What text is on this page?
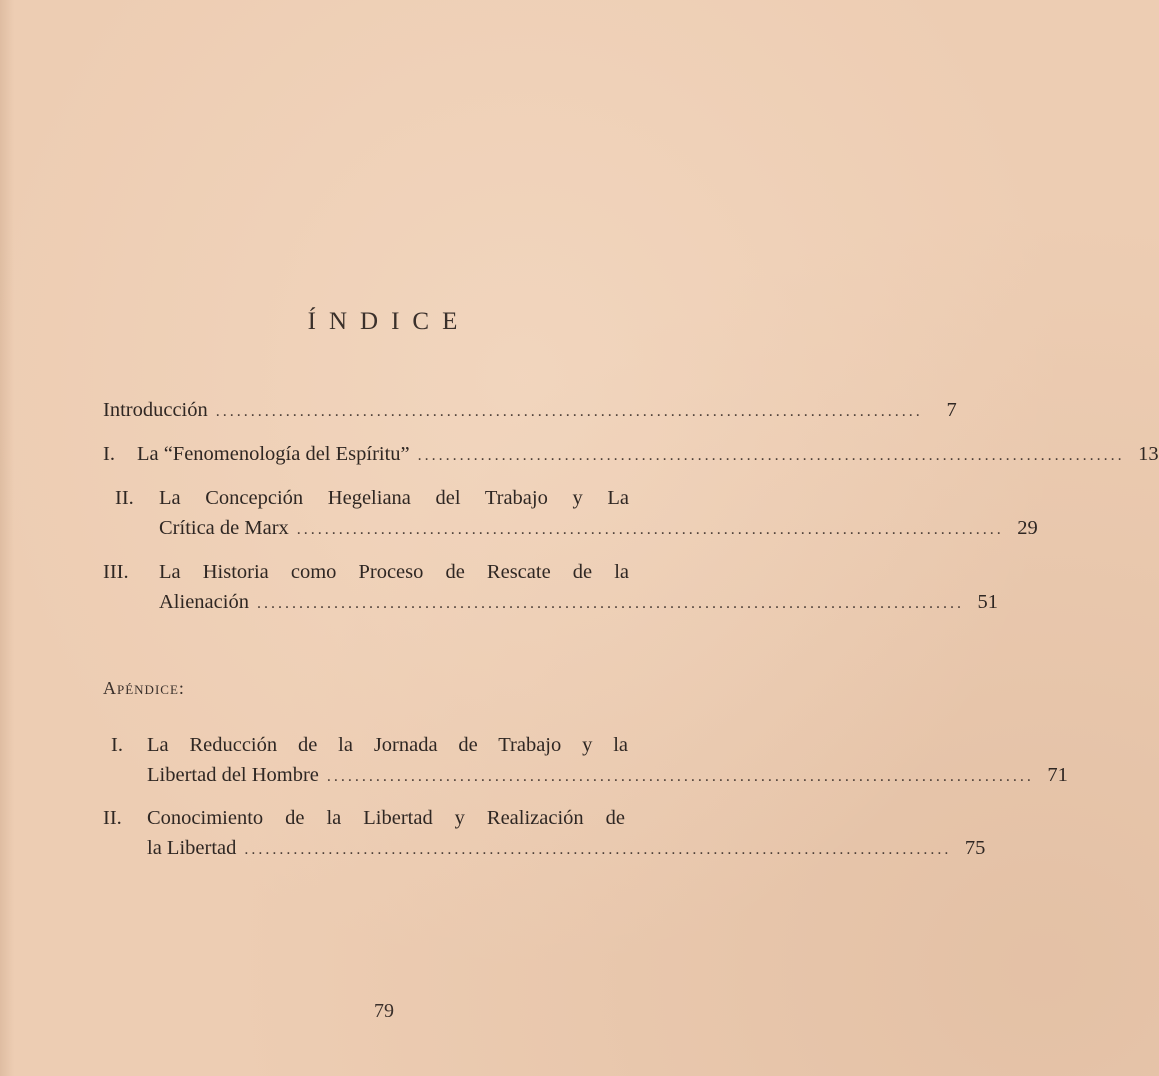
ÍNDICE
Introducción .....................................................................................................	7
I.	La “Fenomenología del Espíritu” ..................................................................................................... 13
II.	La Concepción Hegeliana del Trabajo y La
Crítica de Marx ..................................................................................................... 29
III.	La Historia como Proceso de Rescate de la
Alienación ..................................................................................................... 51
Apéndice:
I.	La Reducción de la Jornada de Trabajo y la
Libertad del Hombre ..................................................................................................... 71
II.	Conocimiento de la Libertad y Realización de
la Libertad ..................................................................................................... 75
79
